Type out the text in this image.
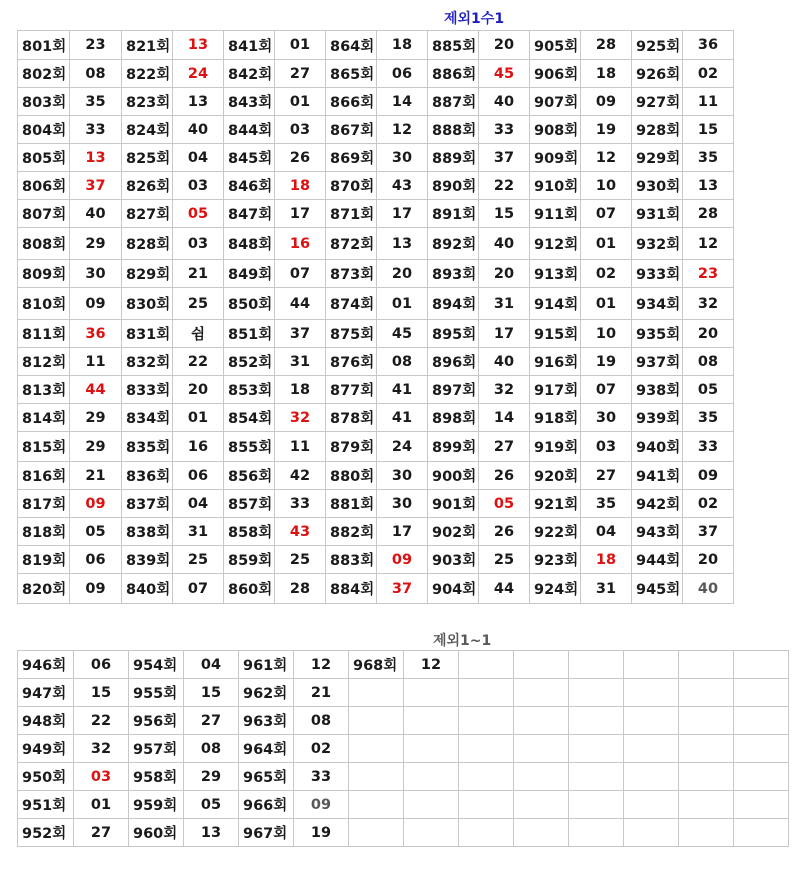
제외1수1
801회	23	821회	13	841회	01	864회	18	885회	20	905회	28	925회	36
802회	08	822회	24	842회	27	865회	06	886회	45	906회	18	926회	02
803회	35	823회	13	843회	01	866회	14	887회	40	907회	09	927회	11
804회	33	824회	40	844회	03	867회	12	888회	33	908회	19	928회	15
805회	13	825회	04	845회	26	869회	30	889회	37	909회	12	929회	35
806회	37	826회	03	846회	18	870회	43	890회	22	910회	10	930회	13
807회	40	827회	05	847회	17	871회	17	891회	15	911회	07	931회	28
808회	29	828회	03	848회	16	872회	13	892회	40	912회	01	932회	12
809회	30	829회	21	849회	07	873회	20	893회	20	913회	02	933회	23
810회	09	830회	25	850회	44	874회	01	894회	31	914회	01	934회	32
811회	36	831회	쉼	851회	37	875회	45	895회	17	915회	10	935회	20
812회	11	832회	22	852회	31	876회	08	896회	40	916회	19	937회	08
813회	44	833회	20	853회	18	877회	41	897회	32	917회	07	938회	05
814회	29	834회	01	854회	32	878회	41	898회	14	918회	30	939회	35
815회	29	835회	16	855회	11	879회	24	899회	27	919회	03	940회	33
816회	21	836회	06	856회	42	880회	30	900회	26	920회	27	941회	09
817회	09	837회	04	857회	33	881회	30	901회	05	921회	35	942회	02
818회	05	838회	31	858회	43	882회	17	902회	26	922회	04	943회	37
819회	06	839회	25	859회	25	883회	09	903회	25	923회	18	944회	20
820회	09	840회	07	860회	28	884회	37	904회	44	924회	31	945회	40
제외1~1
946회	06	954회	04	961회	12	968회	12						
947회	15	955회	15	962회	21								
948회	22	956회	27	963회	08								
949회	32	957회	08	964회	02								
950회	03	958회	29	965회	33								
951회	01	959회	05	966회	09								
952회	27	960회	13	967회	19								
